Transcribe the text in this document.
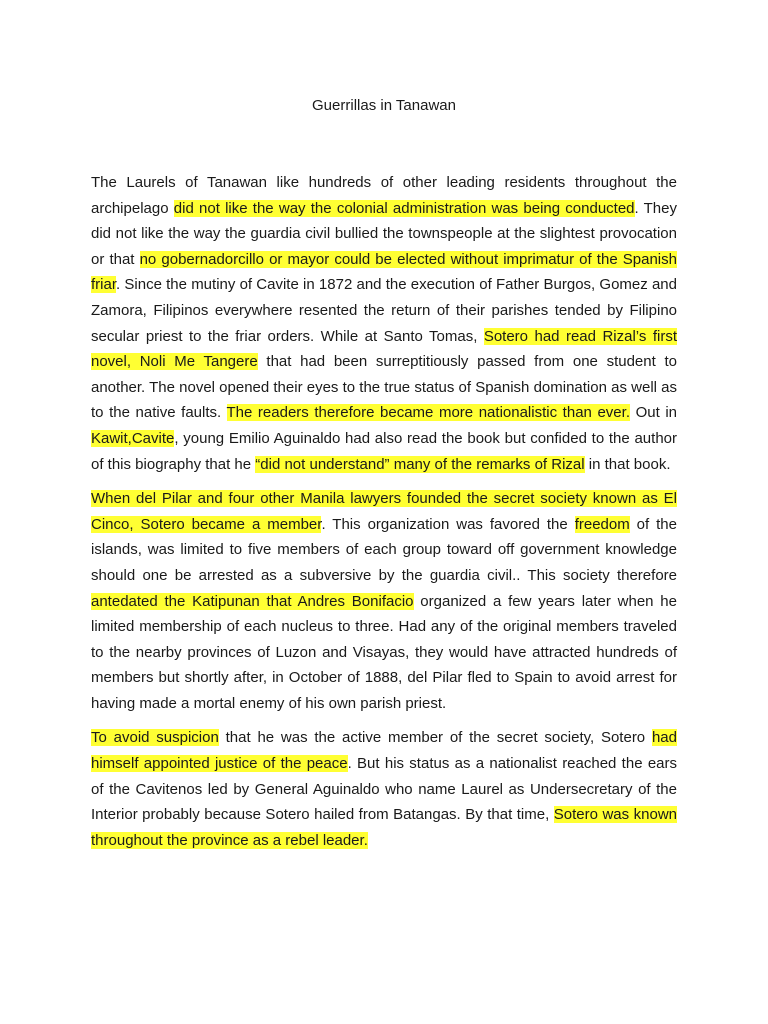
Guerrillas in Tanawan

The Laurels of Tanawan like hundreds of other leading residents throughout the archipelago did not like the way the colonial administration was being conducted. They did not like the way the guardia civil bullied the townspeople at the slightest provocation or that no gobernadorcillo or mayor could be elected without imprimatur of the Spanish friar. Since the mutiny of Cavite in 1872 and the execution of Father Burgos, Gomez and Zamora, Filipinos everywhere resented the return of their parishes tended by Filipino secular priest to the friar orders. While at Santo Tomas, Sotero had read Rizal’s first novel, Noli Me Tangere that had been surreptitiously passed from one student to another. The novel opened their eyes to the true status of Spanish domination as well as to the native faults. The readers therefore became more nationalistic than ever. Out in Kawit,Cavite, young Emilio Aguinaldo had also read the book but confided to the author of this biography that he “did not understand” many of the remarks of Rizal in that book.

When del Pilar and four other Manila lawyers founded the secret society known as El Cinco, Sotero became a member. This organization was favored the freedom of the islands, was limited to five members of each group toward off government knowledge should one be arrested as a subversive by the guardia civil.. This society therefore antedated the Katipunan that Andres Bonifacio organized a few years later when he limited membership of each nucleus to three. Had any of the original members traveled to the nearby provinces of Luzon and Visayas, they would have attracted hundreds of members but shortly after, in October of 1888, del Pilar fled to Spain to avoid arrest for having made a mortal enemy of his own parish priest.

To avoid suspicion that he was the active member of the secret society, Sotero had himself appointed justice of the peace. But his status as a nationalist reached the ears of the Cavitenos led by General Aguinaldo who name Laurel as Undersecretary of the Interior probably because Sotero hailed from Batangas. By that time, Sotero was known throughout the province as a rebel leader.
